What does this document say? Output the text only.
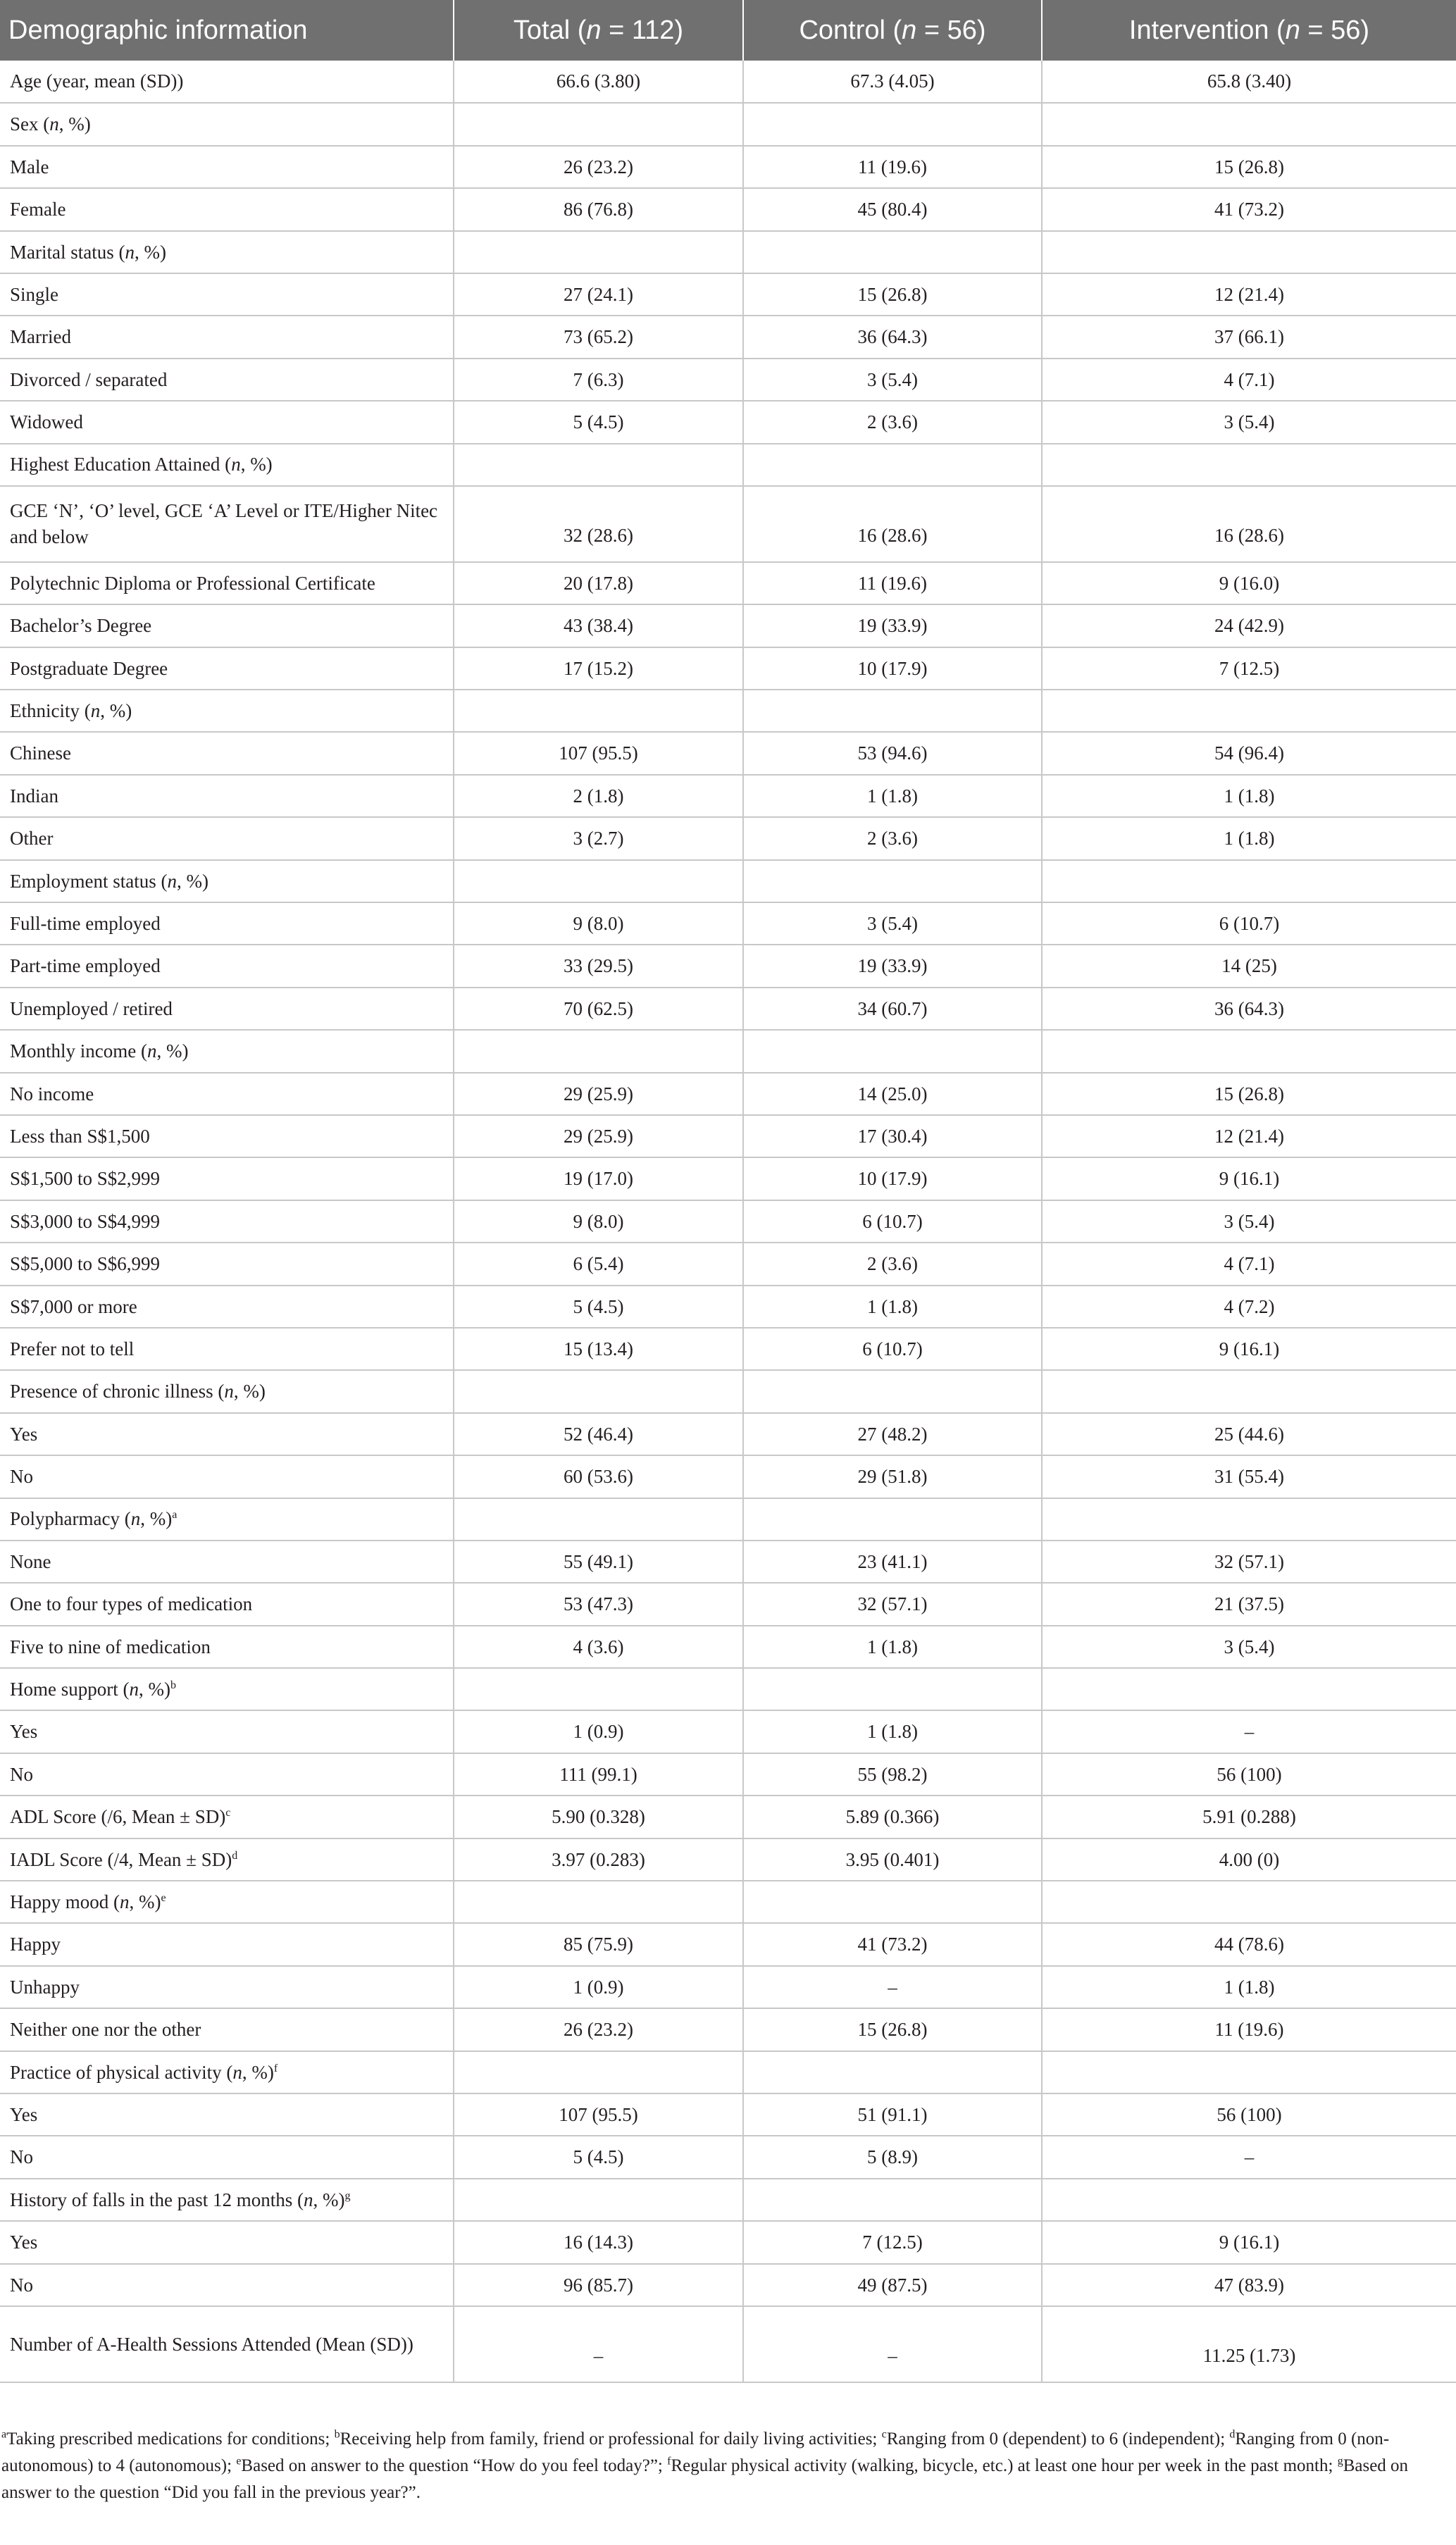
Demographic information	Total (n = 112)	Control (n = 56)	Intervention (n = 56)
Age (year, mean (SD))	66.6 (3.80)	67.3 (4.05)	65.8 (3.40)
Sex (n, %)			
Male	26 (23.2)	11 (19.6)	15 (26.8)
Female	86 (76.8)	45 (80.4)	41 (73.2)
Marital status (n, %)			
Single	27 (24.1)	15 (26.8)	12 (21.4)
Married	73 (65.2)	36 (64.3)	37 (66.1)
Divorced / separated	7 (6.3)	3 (5.4)	4 (7.1)
Widowed	5 (4.5)	2 (3.6)	3 (5.4)
Highest Education Attained (n, %)			
GCE ‘N’, ‘O’ level, GCE ‘A’ Level or ITE/Higher Nitec and below	32 (28.6)	16 (28.6)	16 (28.6)
Polytechnic Diploma or Professional Certificate	20 (17.8)	11 (19.6)	9 (16.0)
Bachelor’s Degree	43 (38.4)	19 (33.9)	24 (42.9)
Postgraduate Degree	17 (15.2)	10 (17.9)	7 (12.5)
Ethnicity (n, %)			
Chinese	107 (95.5)	53 (94.6)	54 (96.4)
Indian	2 (1.8)	1 (1.8)	1 (1.8)
Other	3 (2.7)	2 (3.6)	1 (1.8)
Employment status (n, %)			
Full-time employed	9 (8.0)	3 (5.4)	6 (10.7)
Part-time employed	33 (29.5)	19 (33.9)	14 (25)
Unemployed / retired	70 (62.5)	34 (60.7)	36 (64.3)
Monthly income (n, %)			
No income	29 (25.9)	14 (25.0)	15 (26.8)
Less than S$1,500	29 (25.9)	17 (30.4)	12 (21.4)
S$1,500 to S$2,999	19 (17.0)	10 (17.9)	9 (16.1)
S$3,000 to S$4,999	9 (8.0)	6 (10.7)	3 (5.4)
S$5,000 to S$6,999	6 (5.4)	2 (3.6)	4 (7.1)
S$7,000 or more	5 (4.5)	1 (1.8)	4 (7.2)
Prefer not to tell	15 (13.4)	6 (10.7)	9 (16.1)
Presence of chronic illness (n, %)			
Yes	52 (46.4)	27 (48.2)	25 (44.6)
No	60 (53.6)	29 (51.8)	31 (55.4)
Polypharmacy (n, %)$^a$			
None	55 (49.1)	23 (41.1)	32 (57.1)
One to four types of medication	53 (47.3)	32 (57.1)	21 (37.5)
Five to nine of medication	4 (3.6)	1 (1.8)	3 (5.4)
Home support (n, %)$^b$			
Yes	1 (0.9)	1 (1.8)	–
No	111 (99.1)	55 (98.2)	56 (100)
ADL Score (/6, Mean ± SD)$^c$	5.90 (0.328)	5.89 (0.366)	5.91 (0.288)
IADL Score (/4, Mean ± SD)$^d$	3.97 (0.283)	3.95 (0.401)	4.00 (0)
Happy mood (n, %)$^e$			
Happy	85 (75.9)	41 (73.2)	44 (78.6)
Unhappy	1 (0.9)	–	1 (1.8)
Neither one nor the other	26 (23.2)	15 (26.8)	11 (19.6)
Practice of physical activity (n, %)$^f$			
Yes	107 (95.5)	51 (91.1)	56 (100)
No	5 (4.5)	5 (8.9)	–
History of falls in the past 12 months (n, %)$^g$			
Yes	16 (14.3)	7 (12.5)	9 (16.1)
No	96 (85.7)	49 (87.5)	47 (83.9)
Number of A-Health Sessions Attended (Mean (SD))	–	–	11.25 (1.73)
$^a$Taking prescribed medications for conditions; $^b$Receiving help from family, friend or professional for daily living activities; $^c$Ranging from 0 (dependent) to 6 (independent); $^d$Ranging from 0 (non-autonomous) to 4 (autonomous); $^e$Based on answer to the question “How do you feel today?”; $^f$Regular physical activity (walking, bicycle, etc.) at least one hour per week in the past month; $^g$Based on answer to the question “Did you fall in the previous year?”.
